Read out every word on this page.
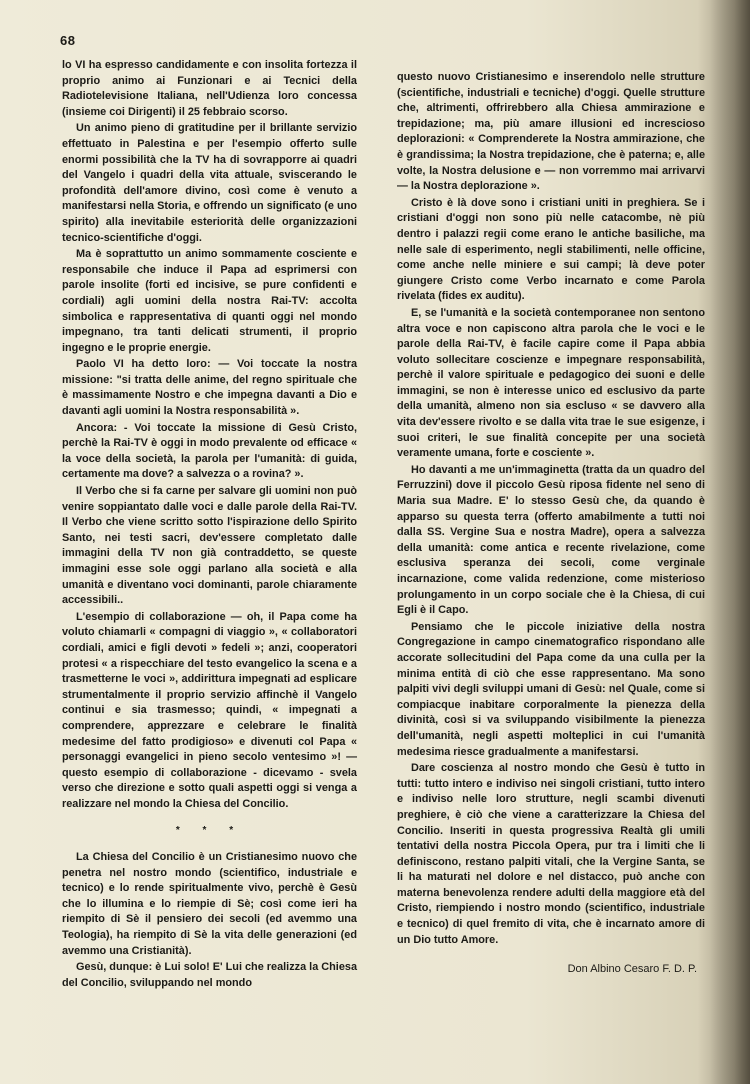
68

lo VI ha espresso candidamente e con insolita fortezza il proprio animo ai Funzionari e ai Tecnici della Radiotelevisione Italiana, nell'Udienza loro concessa (insieme coi Dirigenti) il 25 febbraio scorso.

Un animo pieno di gratitudine per il brillante servizio effettuato in Palestina e per l'esempio offerto sulle enormi possibilità che la TV ha di sovrapporre ai quadri del Vangelo i quadri della vita attuale, sviscerando le profondità dell'amore divino, così come è venuto a manifestarsi nella Storia, e offrendo un significato (e uno spirito) alla inevitabile esteriorità delle organizzazioni tecnico-scientifiche d'oggi.

Ma è soprattutto un animo sommamente cosciente e responsabile che induce il Papa ad esprimersi con parole insolite (forti ed incisive, se pure confidenti e cordiali) agli uomini della nostra Rai-TV: accolta simbolica e rappresentativa di quanti oggi nel mondo impegnano, tra tanti delicati strumenti, il proprio ingegno e le proprie energie.

Paolo VI ha detto loro: — Voi toccate la nostra missione: "si tratta delle anime, del regno spirituale che è massimamente Nostro e che impegna davanti a Dio e davanti agli uomini la Nostra responsabilità ».

Ancora: - Voi toccate la missione di Gesù Cristo, perchè la Rai-TV è oggi in modo prevalente od efficace « la voce della società, la parola per l'umanità: di guida, certamente ma dove? a salvezza o a rovina? ».

Il Verbo che si fa carne per salvare gli uomini non può venire soppiantato dalle voci e dalle parole della Rai-TV. Il Verbo che viene scritto sotto l'ispirazione dello Spirito Santo, nei testi sacri, dev'essere completato dalle immagini della TV non già contraddetto, se queste immagini esse sole oggi parlano alla società e alla umanità e diventano voci dominanti, parole chiaramente accessibili..

L'esempio di collaborazione — oh, il Papa come ha voluto chiamarli « compagni di viaggio », « collaboratori cordiali, amici e figli devoti » fedeli »; anzi, cooperatori protesi « a rispecchiare del testo evangelico la scena e a trasmetterne le voci », addirittura impegnati ad esplicare strumentalmente il proprio servizio affinchè il Vangelo continui e sia trasmesso; quindi, « impegnati a comprendere, apprezzare e celebrare le finalità medesime del fatto prodigioso» e divenuti col Papa « personaggi evangelici in pieno secolo ventesimo »! — questo esempio di collaborazione - dicevamo - svela verso che direzione e sotto quali aspetti oggi si venga a realizzare nel mondo la Chiesa del Concilio.

* * *

La Chiesa del Concilio è un Cristianesimo nuovo che penetra nel nostro mondo (scientifico, industriale e tecnico) e lo rende spiritualmente vivo, perchè è Gesù che lo illumina e lo riempie di Sè; così come ieri ha riempito di Sè il pensiero dei secoli (ed avemmo una Teologia), ha riempito di Sè la vita delle generazioni (ed avemmo una Cristianità).

Gesù, dunque: è Lui solo! E' Lui che realizza la Chiesa del Concilio, sviluppando nel mondo

questo nuovo Cristianesimo e inserendolo nelle strutture (scientifiche, industriali e tecniche) d'oggi. Quelle strutture che, altrimenti, offrirebbero alla Chiesa ammirazione e trepidazione; ma, più amare illusioni ed increscioso deplorazioni: « Comprenderete la Nostra ammirazione, che è grandissima; la Nostra trepidazione, che è paterna; e, alle volte, la Nostra delusione e — non vorremmo mai arrivarvi — la Nostra deplorazione ».

Cristo è là dove sono i cristiani uniti in preghiera. Se i cristiani d'oggi non sono più nelle catacombe, nè più dentro i palazzi regii come erano le antiche basiliche, ma nelle sale di esperimento, negli stabilimenti, nelle officine, come anche nelle miniere e sui campi; là deve poter giungere Cristo come Verbo incarnato e come Parola rivelata (fides ex auditu).

E, se l'umanità e la società contemporanee non sentono altra voce e non capiscono altra parola che le voci e le parole della Rai-TV, è facile capire come il Papa abbia voluto sollecitare coscienze e impegnare responsabilità, perchè il valore spirituale e pedagogico dei suoni e delle immagini, se non è interesse unico ed esclusivo da parte della umanità, almeno non sia escluso « se davvero alla vita dev'essere rivolto e se dalla vita trae le sue esigenze, i suoi criteri, le sue finalità concepite per una società veramente umana, forte e cosciente ».

Ho davanti a me un'immaginetta (tratta da un quadro del Ferruzzini) dove il piccolo Gesù riposa fidente nel seno di Maria sua Madre. E' lo stesso Gesù che, da quando è apparso su questa terra (offerto amabilmente a tutti noi dalla SS. Vergine Sua e nostra Madre), opera a salvezza della umanità: come antica e recente rivelazione, come esclusiva speranza dei secoli, come verginale incarnazione, come valida redenzione, come misterioso prolungamento in un corpo sociale che è la Chiesa, di cui Egli è il Capo.

Pensiamo che le piccole iniziative della nostra Congregazione in campo cinematografico rispondano alle accorate sollecitudini del Papa come da una culla per la minima entità di ciò che esse rappresentano. Ma sono palpiti vivi degli sviluppi umani di Gesù: nel Quale, come si compiacque inabitare corporalmente la pienezza della divinità, così si va sviluppando visibilmente la pienezza dell'umanità, negli aspetti molteplici in cui l'umanità medesima riesce gradualmente a manifestarsi.

Dare coscienza al nostro mondo che Gesù è tutto in tutti: tutto intero e indiviso nei singoli cristiani, tutto intero e indiviso nelle loro strutture, negli scambi divenuti preghiere, è ciò che viene a caratterizzare la Chiesa del Concilio. Inseriti in questa progressiva Realtà gli umili tentativi della nostra Piccola Opera, pur tra i limiti che li definiscono, restano palpiti vitali, che la Vergine Santa, se li ha maturati nel dolore e nel distacco, può anche con materna benevolenza rendere adulti della maggiore età del Cristo, riempiendo i nostro mondo (scientifico, industriale e tecnico) di quel fremito di vita, che è incarnato amore di un Dio tutto Amore.

Don Albino Cesaro F. D. P.
